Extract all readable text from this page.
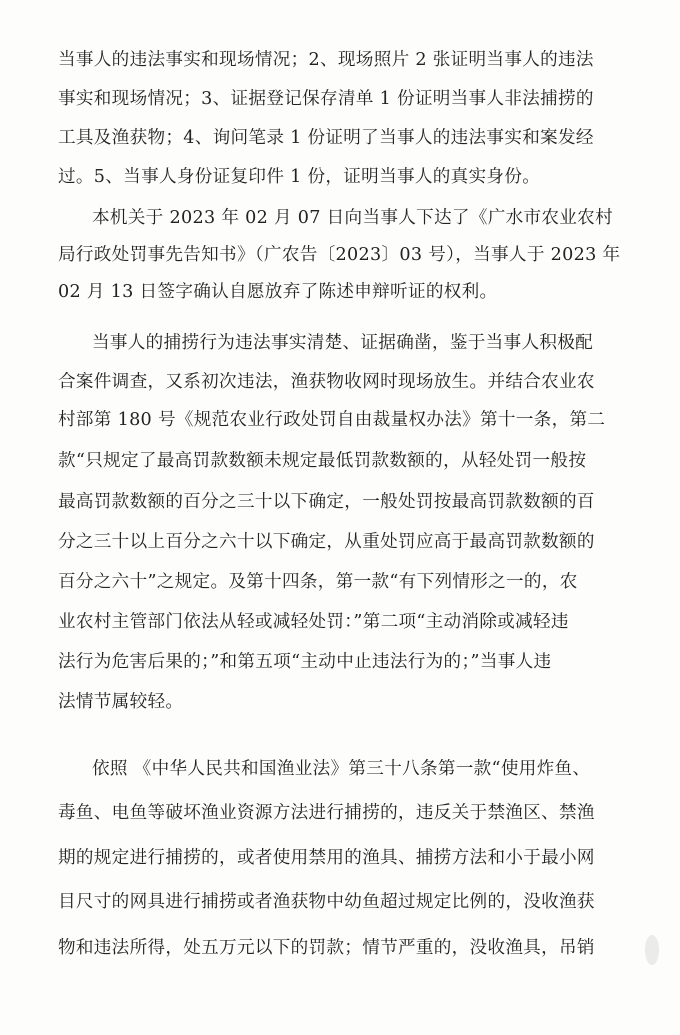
当事人的违法事实和现场情况；2、现场照片 2 张证明当事人的违法
事实和现场情况；3、证据登记保存清单 1 份证明当事人非法捕捞的
工具及渔获物；4、询问笔录 1 份证明了当事人的违法事实和案发经
过。5、当事人身份证复印件 1 份，证明当事人的真实身份。
本机关于 2023 年 02 月 07 日向当事人下达了《广水市农业农村
局行政处罚事先告知书》（广农告〔2023〕03 号），当事人于 2023 年
02 月 13 日签字确认自愿放弃了陈述申辩听证的权利。
当事人的捕捞行为违法事实清楚、证据确凿，鉴于当事人积极配
合案件调查，又系初次违法，渔获物收网时现场放生。并结合农业农
村部第 180 号《规范农业行政处罚自由裁量权办法》第十一条，第二
款“只规定了最高罚款数额未规定最低罚款数额的，从轻处罚一般按
最高罚款数额的百分之三十以下确定，一般处罚按最高罚款数额的百
分之三十以上百分之六十以下确定，从重处罚应高于最高罚款数额的
百分之六十”之规定。及第十四条，第一款“有下列情形之一的，农
业农村主管部门依法从轻或减轻处罚：”第二项“主动消除或减轻违
法行为危害后果的；”和第五项“主动中止违法行为的；”当事人违
法情节属较轻。
依照 《中华人民共和国渔业法》第三十八条第一款“使用炸鱼、
毒鱼、电鱼等破坏渔业资源方法进行捕捞的，违反关于禁渔区、禁渔
期的规定进行捕捞的，或者使用禁用的渔具、捕捞方法和小于最小网
目尺寸的网具进行捕捞或者渔获物中幼鱼超过规定比例的，没收渔获
物和违法所得，处五万元以下的罚款；情节严重的，没收渔具，吊销
